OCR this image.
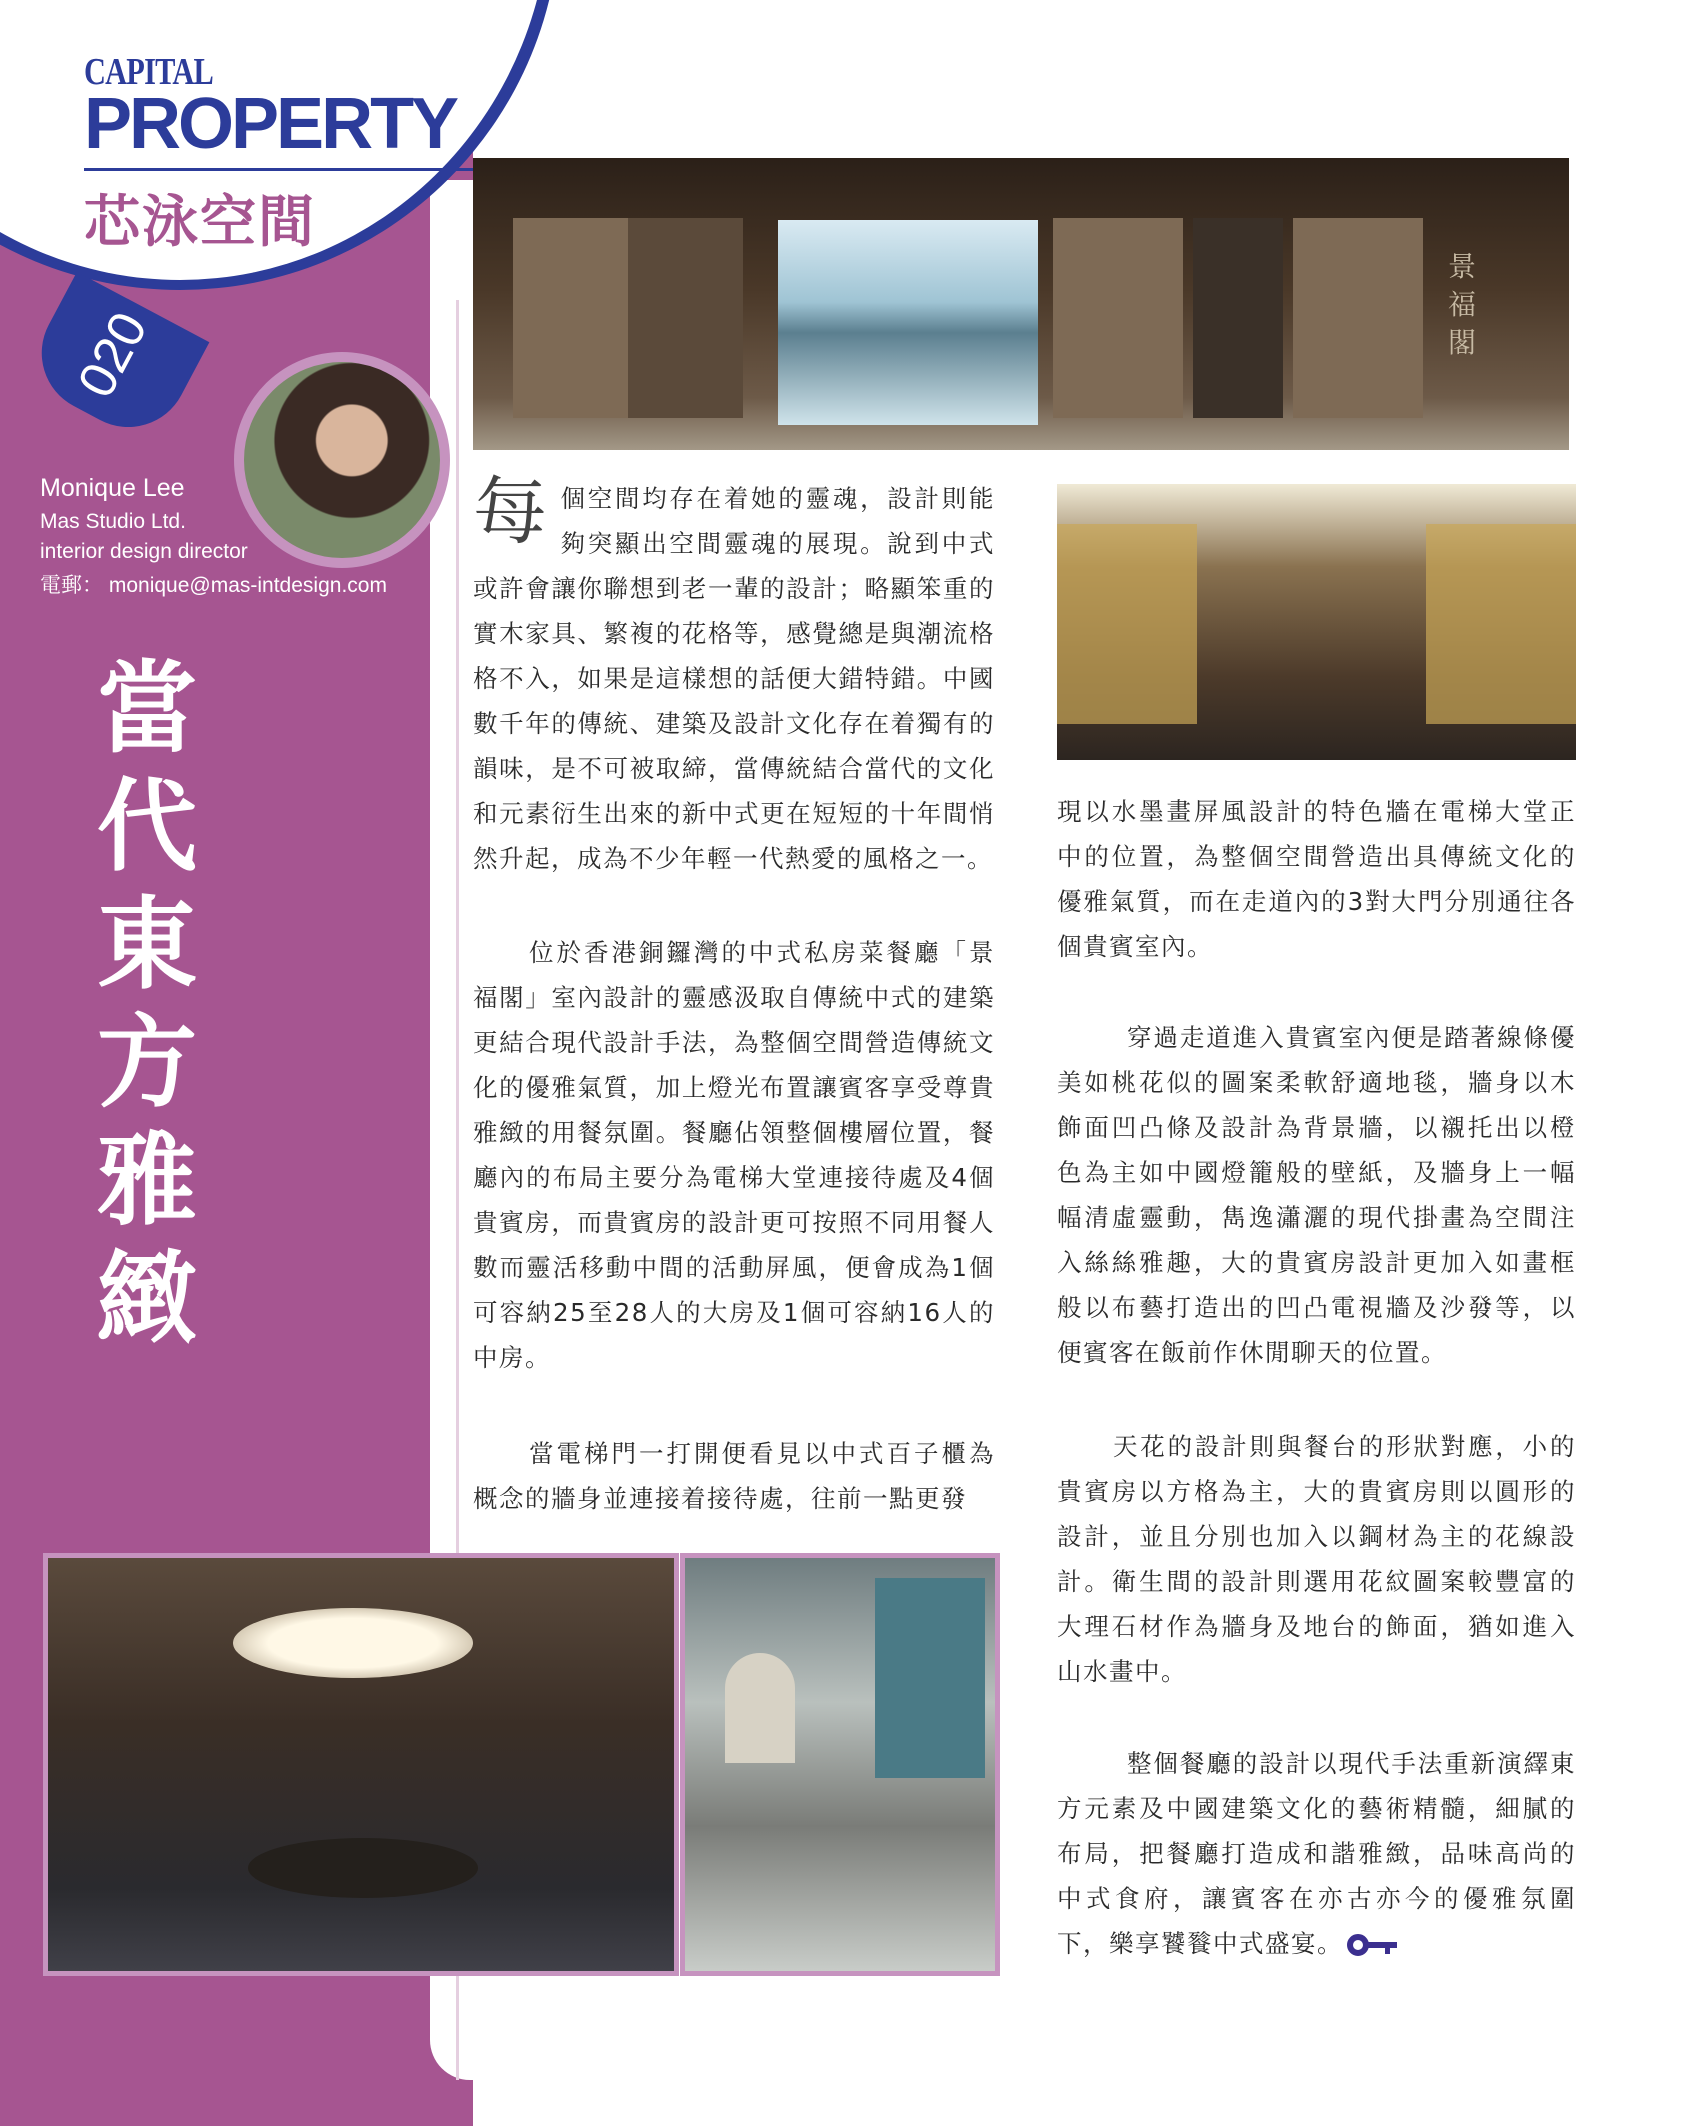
020
CAPITAL
PROPERTY
芯泳空間
Monique Lee
Mas Studio Ltd.
interior design director
電郵： monique@mas-intdesign.com
當代東方雅緻
景福閣

每個空間均存在着她的靈魂，設計則能夠突顯出空間靈魂的展現。說到中式或許會讓你聯想到老一輩的設計；略顯笨重的實木家具、繁複的花格等，感覺總是與潮流格格不入，如果是這樣想的話便大錯特錯。中國數千年的傳統、建築及設計文化存在着獨有的韻味，是不可被取締，當傳統結合當代的文化和元素衍生出來的新中式更在短短的十年間悄然升起，成為不少年輕一代熱愛的風格之一。

位於香港銅鑼灣的中式私房菜餐廳「景福閣」室內設計的靈感汲取自傳統中式的建築更結合現代設計手法，為整個空間營造傳統文化的優雅氣質，加上燈光布置讓賓客享受尊貴雅緻的用餐氛圍。餐廳佔領整個樓層位置，餐廳內的布局主要分為電梯大堂連接待處及4個貴賓房，而貴賓房的設計更可按照不同用餐人數而靈活移動中間的活動屏風，便會成為1個可容納25至28人的大房及1個可容納16人的中房。

當電梯門一打開便看見以中式百子櫃為概念的牆身並連接着接待處，往前一點更發

現以水墨畫屏風設計的特色牆在電梯大堂正中的位置，為整個空間營造出具傳統文化的優雅氣質，而在走道內的3對大門分別通往各個貴賓室內。

穿過走道進入貴賓室內便是踏著線條優美如桃花似的圖案柔軟舒適地毯，牆身以木飾面凹凸條及設計為背景牆，以襯托出以橙色為主如中國燈籠般的壁紙，及牆身上一幅幅清虛靈動，雋逸瀟灑的現代掛畫為空間注入絲絲雅趣，大的貴賓房設計更加入如畫框般以布藝打造出的凹凸電視牆及沙發等，以便賓客在飯前作休閒聊天的位置。

天花的設計則與餐台的形狀對應，小的貴賓房以方格為主，大的貴賓房則以圓形的設計，並且分別也加入以鋼材為主的花線設計。衛生間的設計則選用花紋圖案較豐富的大理石材作為牆身及地台的飾面，猶如進入山水畫中。

整個餐廳的設計以現代手法重新演繹東方元素及中國建築文化的藝術精髓，細膩的布局，把餐廳打造成和諧雅緻，品味高尚的中式食府，讓賓客在亦古亦今的優雅氛圍下，樂享饕餮中式盛宴。
